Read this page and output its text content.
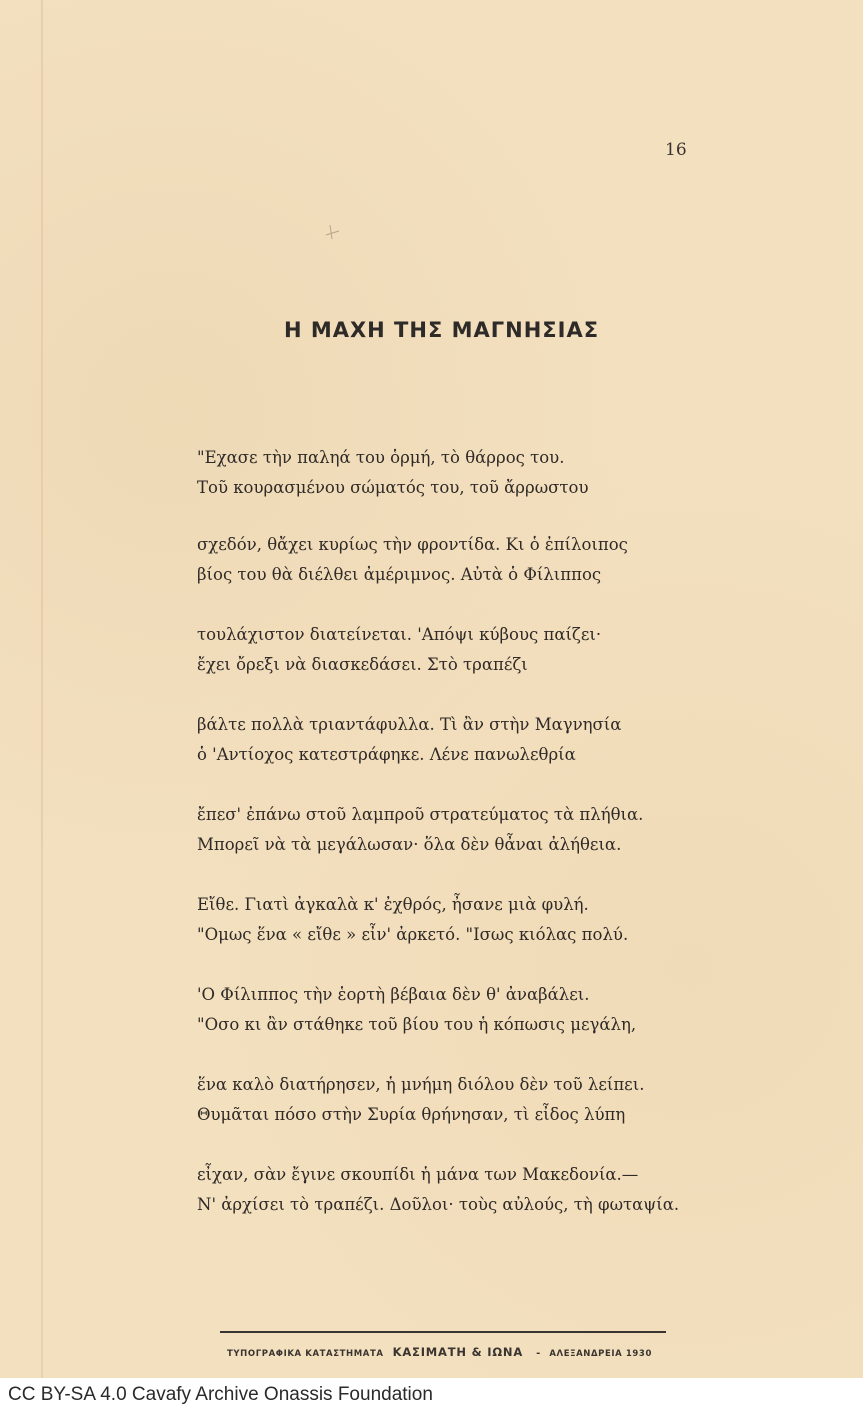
16
Η ΜΑΧΗ ΤΗΣ ΜΑΓΝΗΣΙΑΣ
"Εχασε τὴν παληά του ὁρμή, τὸ θάρρος του.
Τοῦ κουρασμένου σώματός του, τοῦ ἄρρωστου
σχεδόν, θἄχει κυρίως τὴν φροντίδα. Κι ὁ ἐπίλοιπος
βίος του θὰ διέλθει ἀμέριμνος. Αὐτὰ ὁ Φίλιππος
τουλάχιστον διατείνεται. 'Απόψι κύβους παίζει·
ἔχει ὄρεξι νὰ διασκεδάσει. Στὸ τραπέζι
βάλτε πολλὰ τριαντάφυλλα. Τὶ ἂν στὴν Μαγνησία
ὁ 'Αντίοχος κατεστράφηκε. Λένε πανωλεθρία
ἔπεσ' ἐπάνω στοῦ λαμπροῦ στρατεύματος τὰ πλήθια.
Μπορεῖ νὰ τὰ μεγάλωσαν· ὅλα δὲν θἆναι ἀλήθεια.
Εἴθε. Γιατὶ ἀγκαλὰ κ' ἐχθρός, ἦσανε μιὰ φυλή.
"Ομως ἕνα « εἴθε » εἶν' ἀρκετό. "Ισως κιόλας πολύ.
'Ο Φίλιππος τὴν ἑορτὴ βέβαια δὲν θ' ἀναβάλει.
"Οσο κι ἂν στάθηκε τοῦ βίου του ἡ κόπωσις μεγάλη,
ἕνα καλὸ διατήρησεν, ἡ μνήμη διόλου δὲν τοῦ λείπει.
Θυμᾶται πόσο στὴν Συρία θρήνησαν, τὶ εἶδος λύπη
εἶχαν, σὰν ἔγινε σκουπίδι ἡ μάνα των Μακεδονία.—
Ν' ἀρχίσει τὸ τραπέζι. Δοῦλοι· τοὺς αὐλούς, τὴ φωταψία.
ΤΥΠΟΓΡΑΦΙΚΑ ΚΑΤΑΣΤΗΜΑΤΑ ΚΑΣΙΜΑΤΗ & ΙΩΝΑ - ΑΛΕΞΑΝΔΡΕΙΑ 1930
CC BY-SA 4.0 Cavafy Archive Onassis Foundation
